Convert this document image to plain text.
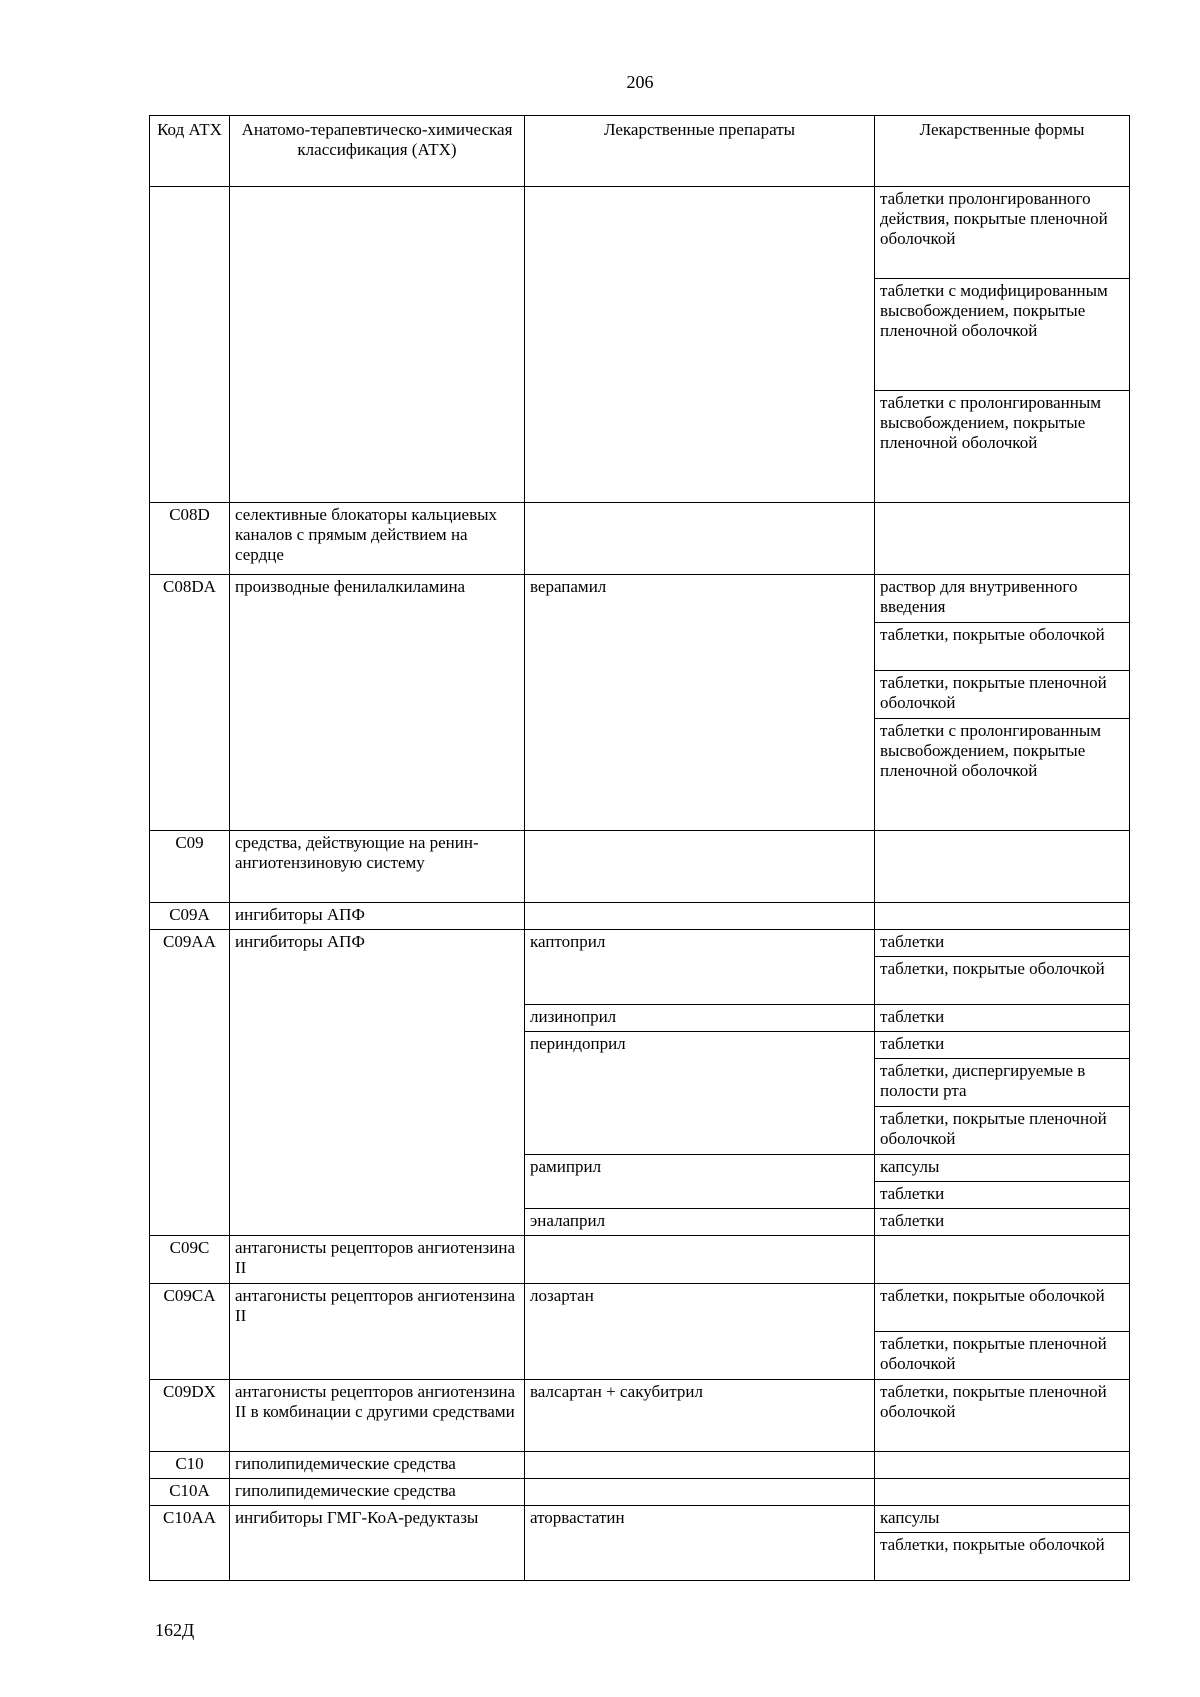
206
Код АТХ	Анатомо-терапевтическо-химическая классификация (АТХ)	Лекарственные препараты	Лекарственные формы
			таблетки пролонгированного действия, покрытые пленочной оболочкой
			таблетки с модифицированным высвобождением, покрытые пленочной оболочкой
			таблетки с пролонгированным высвобождением, покрытые пленочной оболочкой
C08D	селективные блокаторы кальциевых каналов с прямым действием на сердце		
C08DA	производные фенилалкиламина	верапамил	раствор для внутривенного введения
			таблетки, покрытые оболочкой
			таблетки, покрытые пленочной оболочкой
			таблетки с пролонгированным высвобождением, покрытые пленочной оболочкой
C09	средства, действующие на ренин-ангиотензиновую систему		
C09A	ингибиторы АПФ		
C09AA	ингибиторы АПФ	каптоприл	таблетки
			таблетки, покрытые оболочкой
		лизиноприл	таблетки
		периндоприл	таблетки
			таблетки, диспергируемые в полости рта
			таблетки, покрытые пленочной оболочкой
		рамиприл	капсулы
			таблетки
		эналаприл	таблетки
C09C	антагонисты рецепторов ангиотензина II		
C09CA	антагонисты рецепторов ангиотензина II	лозартан	таблетки, покрытые оболочкой
			таблетки, покрытые пленочной оболочкой
C09DX	антагонисты рецепторов ангиотензина II в комбинации с другими средствами	валсартан + сакубитрил	таблетки, покрытые пленочной оболочкой
C10	гиполипидемические средства		
C10A	гиполипидемические средства		
C10AA	ингибиторы ГМГ-КоА-редуктазы	аторвастатин	капсулы
			таблетки, покрытые оболочкой
162Д
